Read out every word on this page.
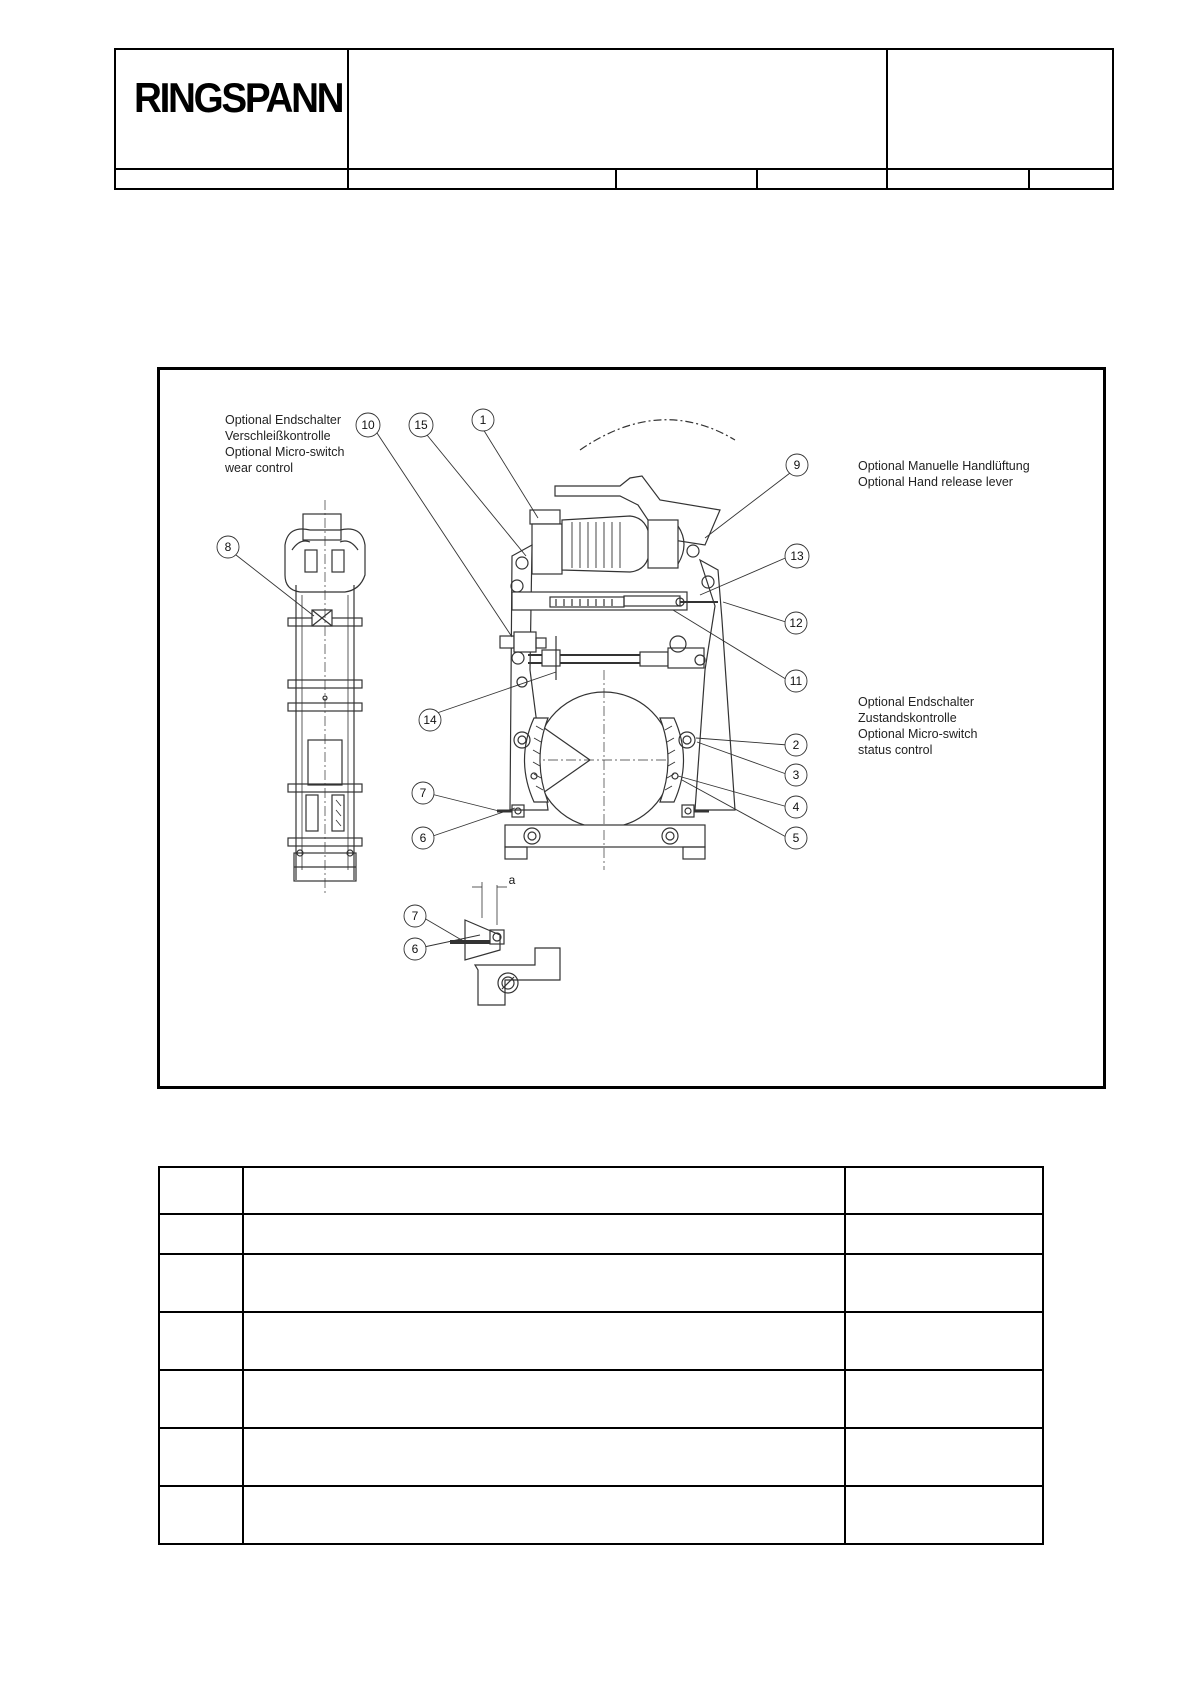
RINGSPANN
8
10	15	1
9
13
12
11
14
2
3
4
5
7
6
7
6
a
Optional Endschalter
Verschleißkontrolle
Optional Micro-switch
wear control	Optional Manuelle Handlüftung
Optional Hand release lever
Optional Endschalter
Zustandskontrolle
Optional Micro-switch
status control
